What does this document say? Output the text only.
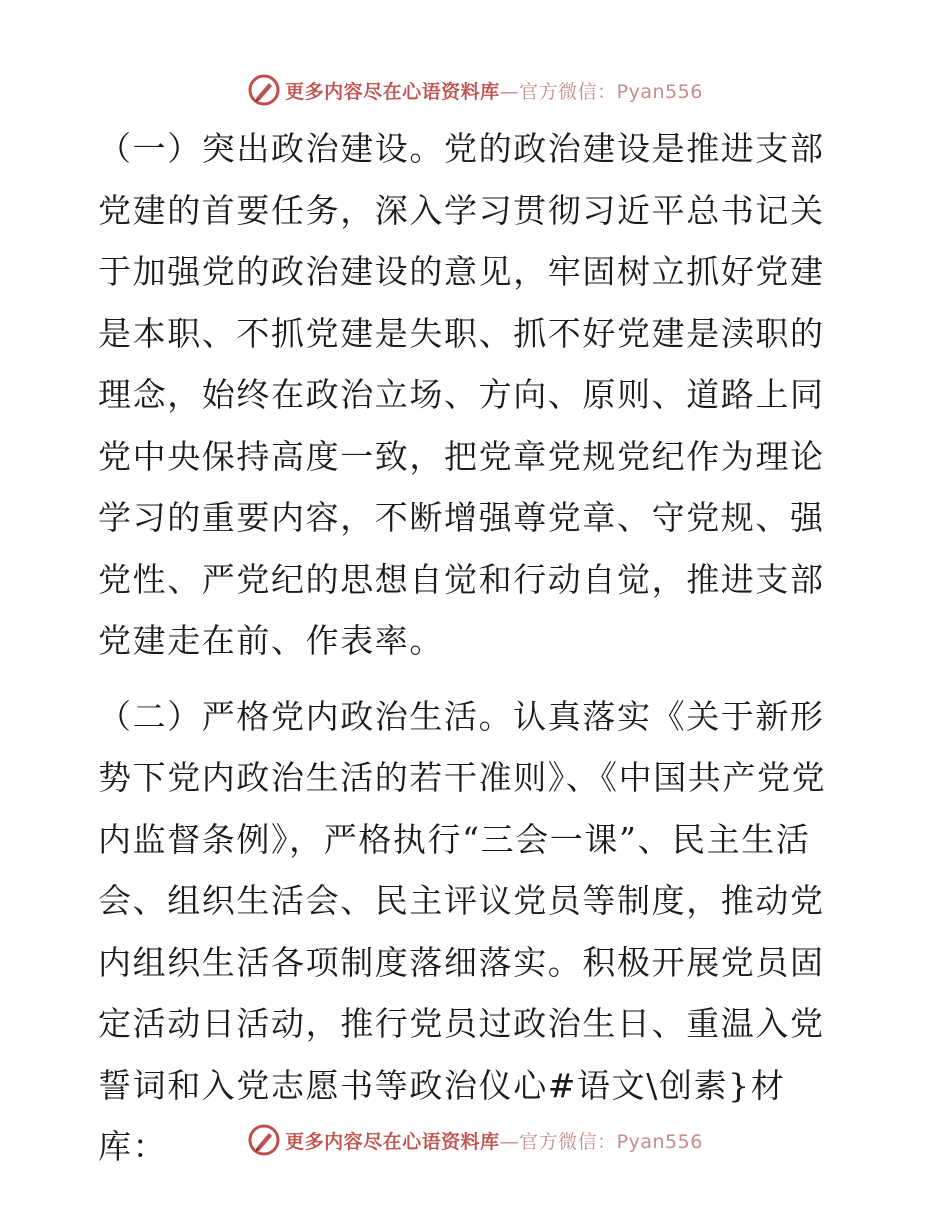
更多内容尽在心语资料库—官方微信：Pyan556

（一）突出政治建设。党的政治建设是推进支部党建的首要任务，深入学习贯彻习近平总书记关于加强党的政治建设的意见，牢固树立抓好党建是本职、不抓党建是失职、抓不好党建是渎职的理念，始终在政治立场、方向、原则、道路上同党中央保持高度一致，把党章党规党纪作为理论学习的重要内容，不断增强尊党章、守党规、强党性、严党纪的思想自觉和行动自觉，推进支部党建走在前、作表率。

（二）严格党内政治生活。认真落实《关于新形势下党内政治生活的若干准则》、《中国共产党党内监督条例》，严格执行“三会一课”、民主生活会、组织生活会、民主评议党员等制度，推动党内组织生活各项制度落细落实。积极开展党员固定活动日活动，推行党员过政治生日、重温入党誓词和入党志愿书等政治仪心#语文\创素}材库：	更多内容尽在心语资料库—官方微信：Pyan556
